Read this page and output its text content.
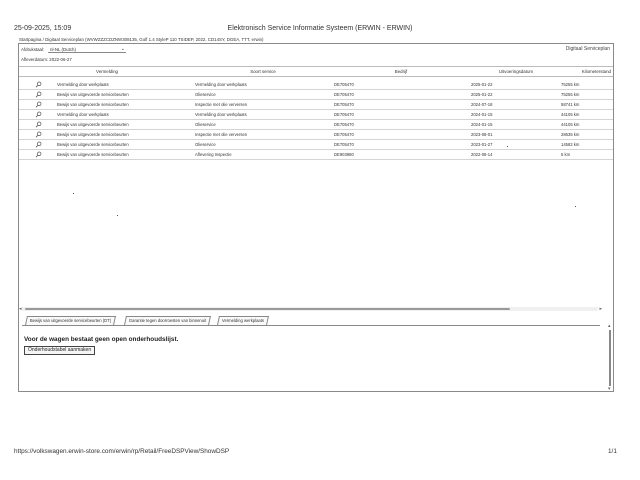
25-09-2025, 15:09	Elektronisch Service Informatie Systeem (ERWIN - ERWIN)
Startpagina / Digitaal Serviceplan (WVWZZZCDZNW308135, Golf 1.4 StyleP 110 TSIDEP, 2022, CD14SY, DGEA, TTT, erwin)
Afdrukstaal:	nl-NL (Dutch)	⌄	Digitaal Serviceplan
Afleverdatum: 2022-06-27
Vermelding	Soort service	Bedrijf	Uitvoeringsdatum	Kilometerstand
Vermelding door werkplaats	Vermelding door werkplaats	DE705470	2025-01-22	75255 km
Bewijs van uitgevoerde servicebeurten	Olieservice	DE705470	2025-01-22	75255 km
Bewijs van uitgevoerde servicebeurten	Inspectie met olie verversen	DE705470	2024-07-18	58741 km
Vermelding door werkplaats	Vermelding door werkplaats	DE705470	2024-01-15	44105 km
Bewijs van uitgevoerde servicebeurten	Olieservice	DE705470	2024-01-15	44105 km
Bewijs van uitgevoerde servicebeurten	Inspectie met olie verversen	DE705470	2023-08-01	28635 km
Bewijs van uitgevoerde servicebeurten	Olieservice	DE705470	2023-01-27	14582 km
Bewijs van uitgevoerde servicebeurten	Aflevering Inspectie	DE903980	2022-06-14	5 km
◂	▸
Bewijs van uitgevoerde servicebeurten (DT)	Garantie tegen doorroesten van binnenuit	Vermelding werkplaats
Voor de wagen bestaat geen open onderhoudslijst.
Onderhoudstabel aanmaken
▴
▾
https://volkswagen.erwin-store.com/erwin/rp/Retail/FreeDSPView/ShowDSP	1/1
